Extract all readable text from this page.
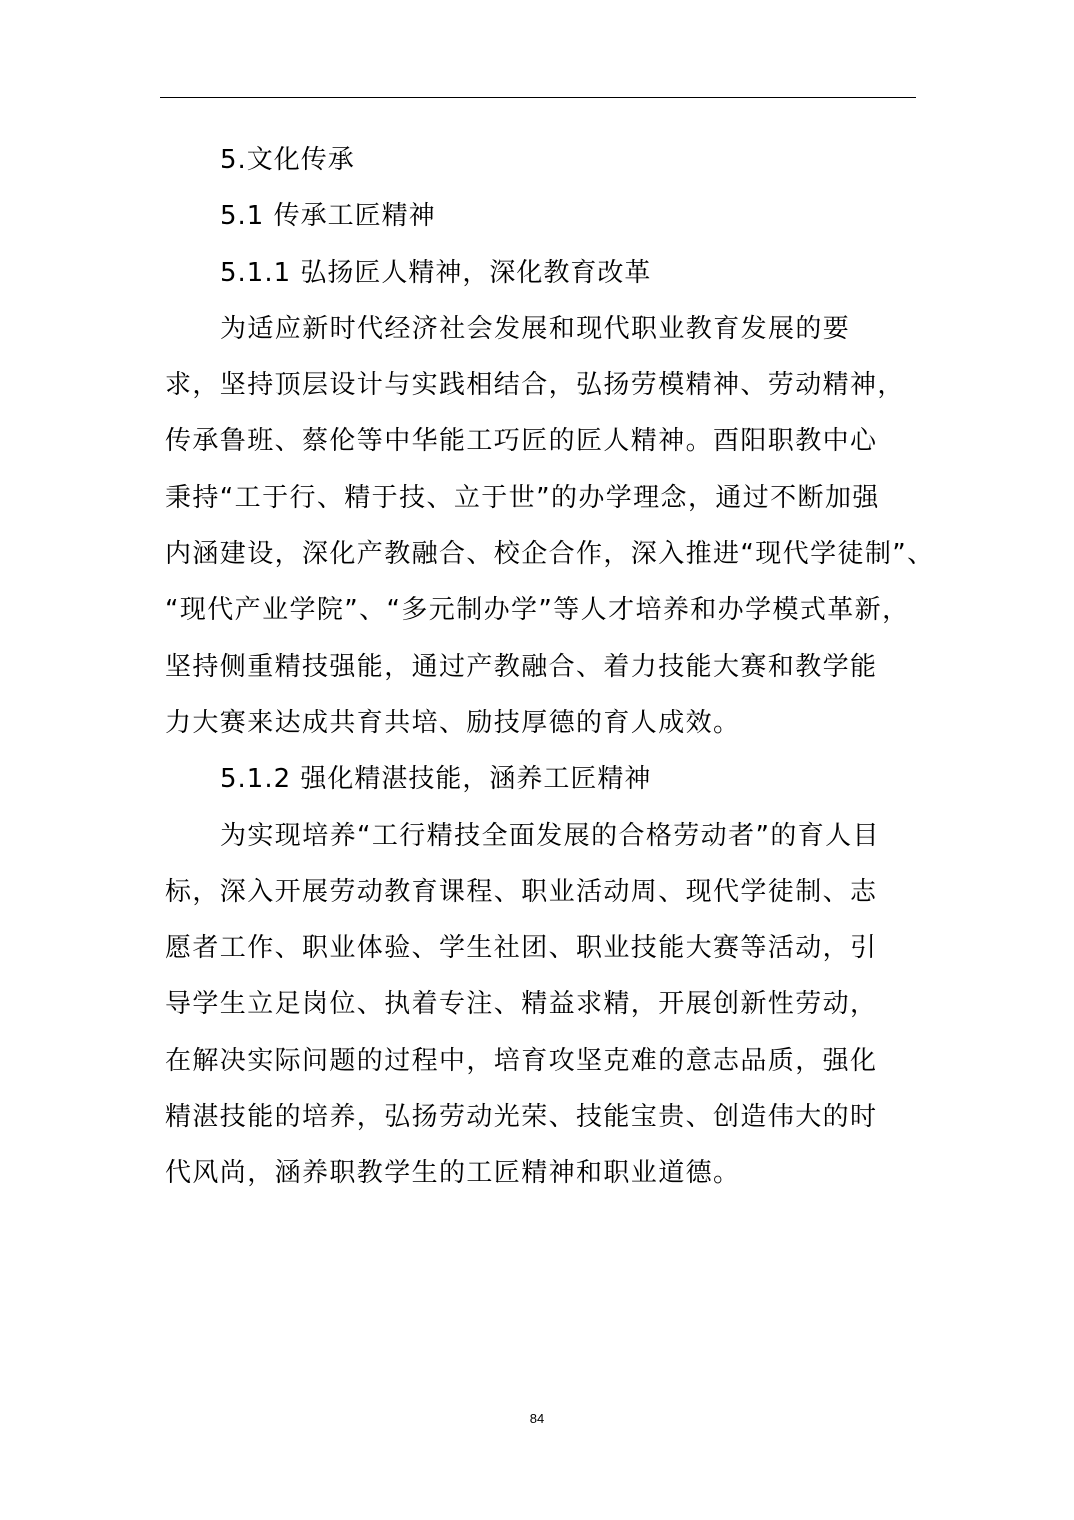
5.文化传承
5.1 传承工匠精神
5.1.1 弘扬匠人精神，深化教育改革
为适应新时代经济社会发展和现代职业教育发展的要
求，坚持顶层设计与实践相结合，弘扬劳模精神、劳动精神，
传承鲁班、蔡伦等中华能工巧匠的匠人精神。酉阳职教中心
秉持“工于行、精于技、立于世”的办学理念，通过不断加强
内涵建设，深化产教融合、校企合作，深入推进“现代学徒制”、
“现代产业学院”、“多元制办学”等人才培养和办学模式革新，
坚持侧重精技强能，通过产教融合、着力技能大赛和教学能
力大赛来达成共育共培、励技厚德的育人成效。
5.1.2 强化精湛技能，涵养工匠精神
为实现培养“工行精技全面发展的合格劳动者”的育人目
标，深入开展劳动教育课程、职业活动周、现代学徒制、志
愿者工作、职业体验、学生社团、职业技能大赛等活动，引
导学生立足岗位、执着专注、精益求精，开展创新性劳动，
在解决实际问题的过程中，培育攻坚克难的意志品质，强化
精湛技能的培养，弘扬劳动光荣、技能宝贵、创造伟大的时
代风尚，涵养职教学生的工匠精神和职业道德。
84
